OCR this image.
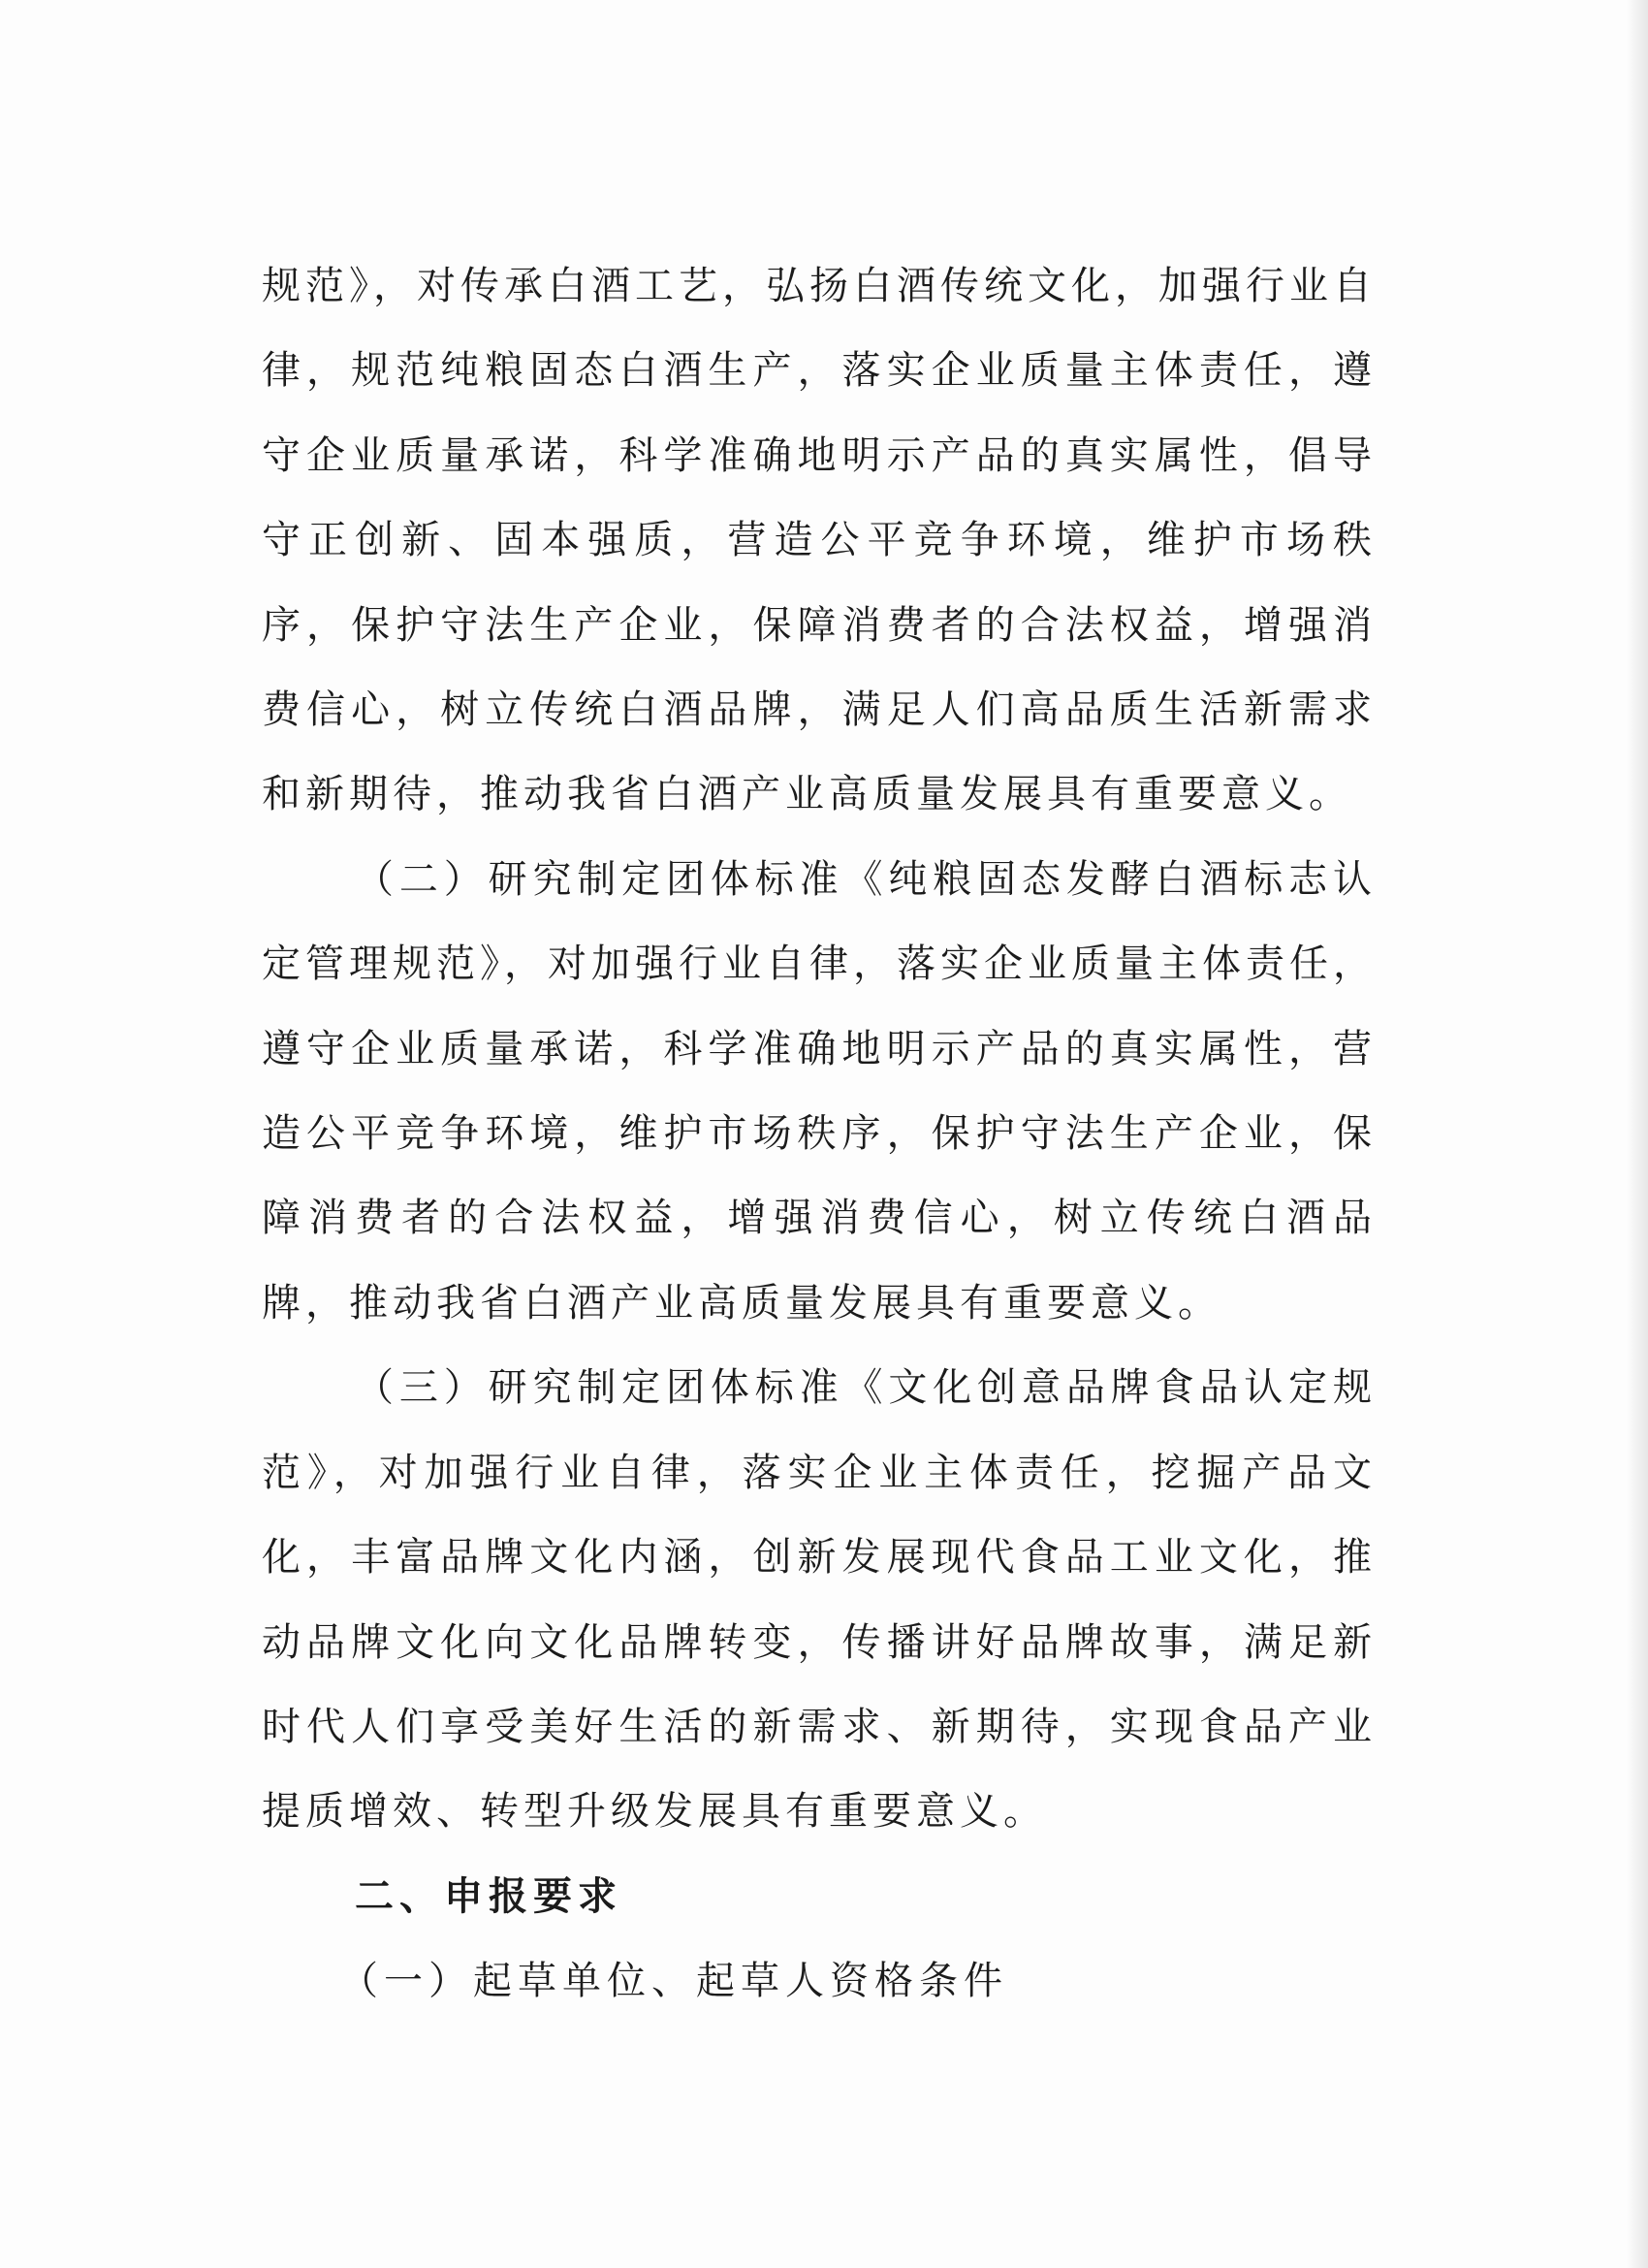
规范》，对传承白酒工艺，弘扬白酒传统文化，加强行业自律，规范纯粮固态白酒生产，落实企业质量主体责任，遵守企业质量承诺，科学准确地明示产品的真实属性，倡导守正创新、固本强质，营造公平竞争环境，维护市场秩序，保护守法生产企业，保障消费者的合法权益，增强消费信心，树立传统白酒品牌，满足人们高品质生活新需求和新期待，推动我省白酒产业高质量发展具有重要意义。

（二）研究制定团体标准《纯粮固态发酵白酒标志认定管理规范》，对加强行业自律，落实企业质量主体责任，遵守企业质量承诺，科学准确地明示产品的真实属性，营造公平竞争环境，维护市场秩序，保护守法生产企业，保障消费者的合法权益，增强消费信心，树立传统白酒品牌，推动我省白酒产业高质量发展具有重要意义。

（三）研究制定团体标准《文化创意品牌食品认定规范》，对加强行业自律，落实企业主体责任，挖掘产品文化，丰富品牌文化内涵，创新发展现代食品工业文化，推动品牌文化向文化品牌转变，传播讲好品牌故事，满足新时代人们享受美好生活的新需求、新期待，实现食品产业提质增效、转型升级发展具有重要意义。

二、申报要求

（一）起草单位、起草人资格条件
